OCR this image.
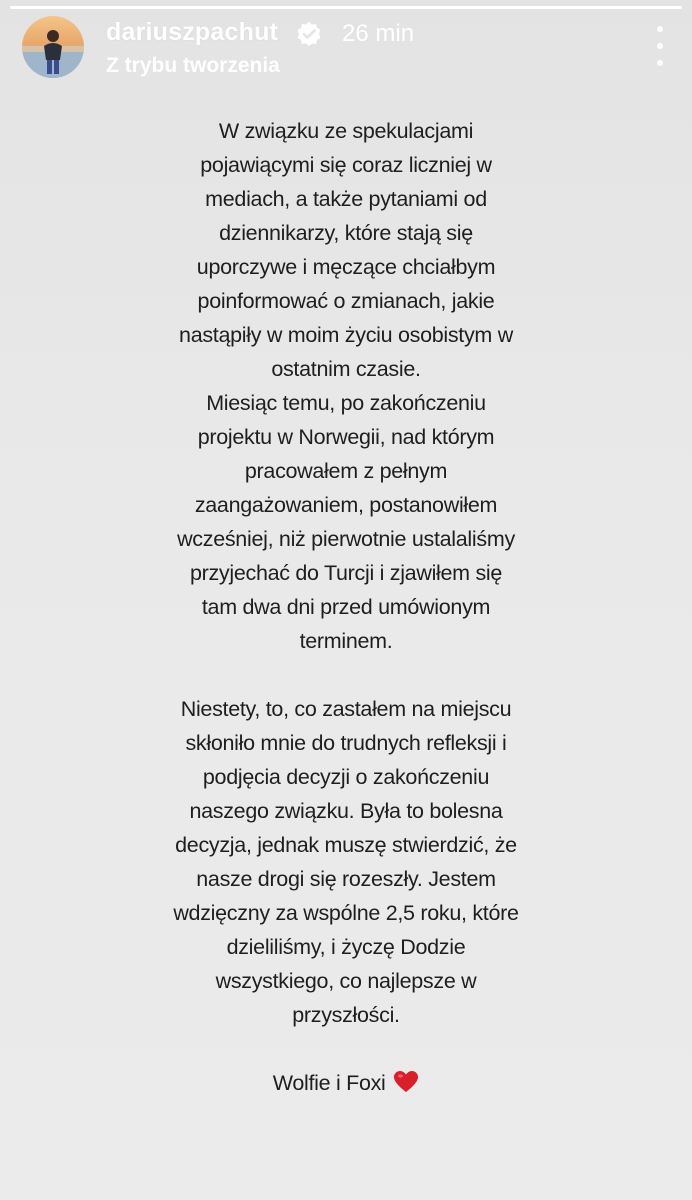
dariuszpachut	26 min
Z trybu tworzenia

W związku ze spekulacjami
pojawiącymi się coraz liczniej w
mediach, a także pytaniami od
dziennikarzy, które stają się
uporczywe i męczące chciałbym
poinformować o zmianach, jakie
nastąpiły w moim życiu osobistym w
ostatnim czasie.
Miesiąc temu, po zakończeniu
projektu w Norwegii, nad którym
pracowałem z pełnym
zaangażowaniem, postanowiłem
wcześniej, niż pierwotnie ustalaliśmy
przyjechać do Turcji i zjawiłem się
tam dwa dni przed umówionym
terminem.

Niestety, to, co zastałem na miejscu
skłoniło mnie do trudnych refleksji i
podjęcia decyzji o zakończeniu
naszego związku. Była to bolesna
decyzja, jednak muszę stwierdzić, że
nasze drogi się rozeszły. Jestem
wdzięczny za wspólne 2,5 roku, które
dzieliliśmy, i życzę Dodzie
wszystkiego, co najlepsze w
przyszłości.

Wolfie i Foxi
